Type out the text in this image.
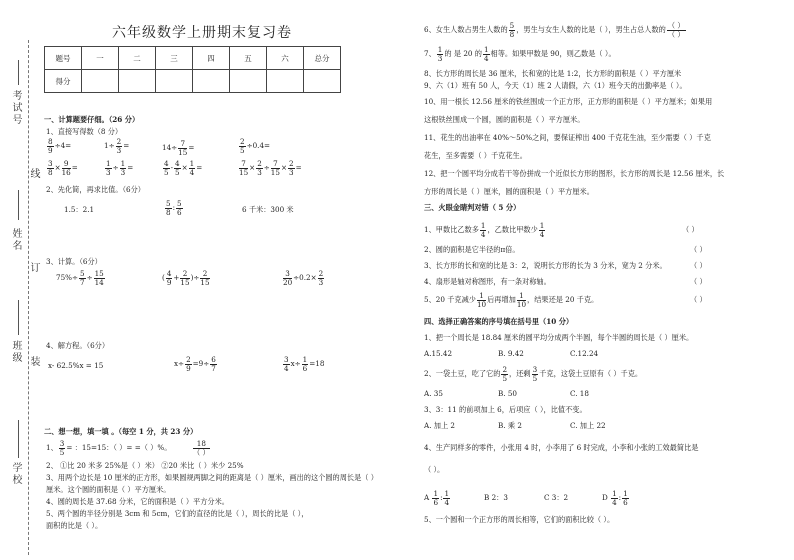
考试号
线
姓名
订
班级 装
学校
六年级数学上册期末复习卷
题号	一	二	三	四	五	六	总分
得分							
一、计算题要仔细。（26 分）
1、直接写得数（8 分）
$\frac{8}{9} \div 4=$	$1\div \frac{2}{3}$ =	$14\div \frac{7}{15}$ =	$\frac{2}{5} \div 0.4=$
$\frac{3}{8} \times \frac{9}{16}$ =	$\frac{1}{3} \div \frac{1}{3}$ =	$\frac{4}{5} - \frac{4}{5} \times \frac{1}{4}$ =	$\frac{7}{15} \times \frac{2}{3} \div \frac{7}{15} \times \frac{2}{3}$ =
2、先化简，再求比值。（6分）
1.5：2.1	$\frac{5}{8}$ : $\frac{5}{6}$	6 千米：300 米
3、计算。（6分）
$75\%\div \frac{5}{7} \div \frac{15}{14}$	( $\frac{4}{9} + \frac{2}{15}$ )÷ $\frac{2}{15}$	$\frac{3}{20} \div 0.2\times \frac{2}{3}$
4、解方程。（6分）
x- 62.5%x = 15	$x\div \frac{2}{9} =9\div \frac{6}{7}$	$\frac{3}{4} x\div \frac{1}{6} =18$
二、想一想，填一填 。（每空 1 分，共 23 分）
1、 $\frac{3}{5}$ = ：15=15：（ ）= =（ ）%。	$\frac{18}{( )}$
2、 ①比 20 米多 25%是（ ）米） ②20 米比（ ）米少 25%
3、用两个边长是 10 厘米的正方形，如果圆规两脚之间的距离是（ ）厘米，画出的这个圆的周长是（ ）
厘米。这个圆的面积是（ ）平方厘米。
4、圆的周长是 37.68 分米，它的面积是（ ）平方分米。
5、两个圆的半径分别是 3cm 和 5cm，它们的直径的比是（ ），周长的比是（ ），
面积的比是（ ）。
6、女生人数占男生人数的 $\frac{5}{8}$ ，男生与女生人数的比是（ ），男生占总人数的 $\frac{( )}{( )}$
7、 $\frac{1}{3}$ 的 是 20 的 $\frac{1}{4}$ 相等。如果甲数是 90，则乙数是（ ）。
8、长方形的周长是 36 厘米，长和宽的比是 1:2，长方形的面积是（ ）平方厘米
9、六（1）班有 50 人，今天（1）班 2 人请假，六（1）班今天的出勤率是（ ）。
10、用一根长 12.56 厘米的铁丝围成一个正方形，正方形的面积是（ ）平方厘米；如果用
这根铁丝围成一个圆，圆的面积是（ ）平方厘米。
11、花生的出油率在 40%～50%之间，要保证榨出 400 千克花生油，至少需要（ ）千克
花生，至多需要（ ）千克花生。
12、把一个圆平均分成若干等份拼成一个近似长方形的图形，长方形的周长是 12.56 厘米，长
方形的周长是（ ）厘米，圆的面积是（ ）平方厘米。
三、火眼金睛判对错（ 5 分）
1、甲数比乙数多 $\frac{1}{4}$ ，乙数比甲数少 $\frac{1}{4}$	（ ）
2、圆的面积是它半径的π倍。	（ ）
3、长方形的长和宽的比是 3：2，说明长方形的长为 3 分米，宽为 2 分米。	（ ）
4、扇形是轴对称图形，有一条对称轴。	（ ）
5、20 千克减少 $\frac{1}{10}$ 后再增加 $\frac{1}{10}$ ，结果还是 20 千克。	（ ）
四、选择正确答案的序号填在括号里（10 分）
1、把一个周长是 18.84 厘米的圆平均分成两个半圆，每个半圆的周长是（ ）厘米。
A.15.42	B. 9.42	C.12.24
2、一袋土豆，吃了它的 $\frac{2}{5}$ ，还剩 $\frac{3}{5}$ 千克，这袋土豆原有（ ）千克。
A. 35	B. 50	C. 18
3、3：11 的前项加上 6，后项应（ ），比值不变。
A. 加上 2	B. 乘 2	C. 加上 22
4、生产同样多的零件，小张用 4 时，小李用了 6 时完成，小李和小张的工效最简比是
（ ）。
A $\frac{1}{6}$ : $\frac{1}{4}$	B 2：3	C 3：2	D $\frac{1}{4}$ : $\frac{1}{6}$
5、一个圆和一个正方形的周长相等，它们的面积比较（ ）。
